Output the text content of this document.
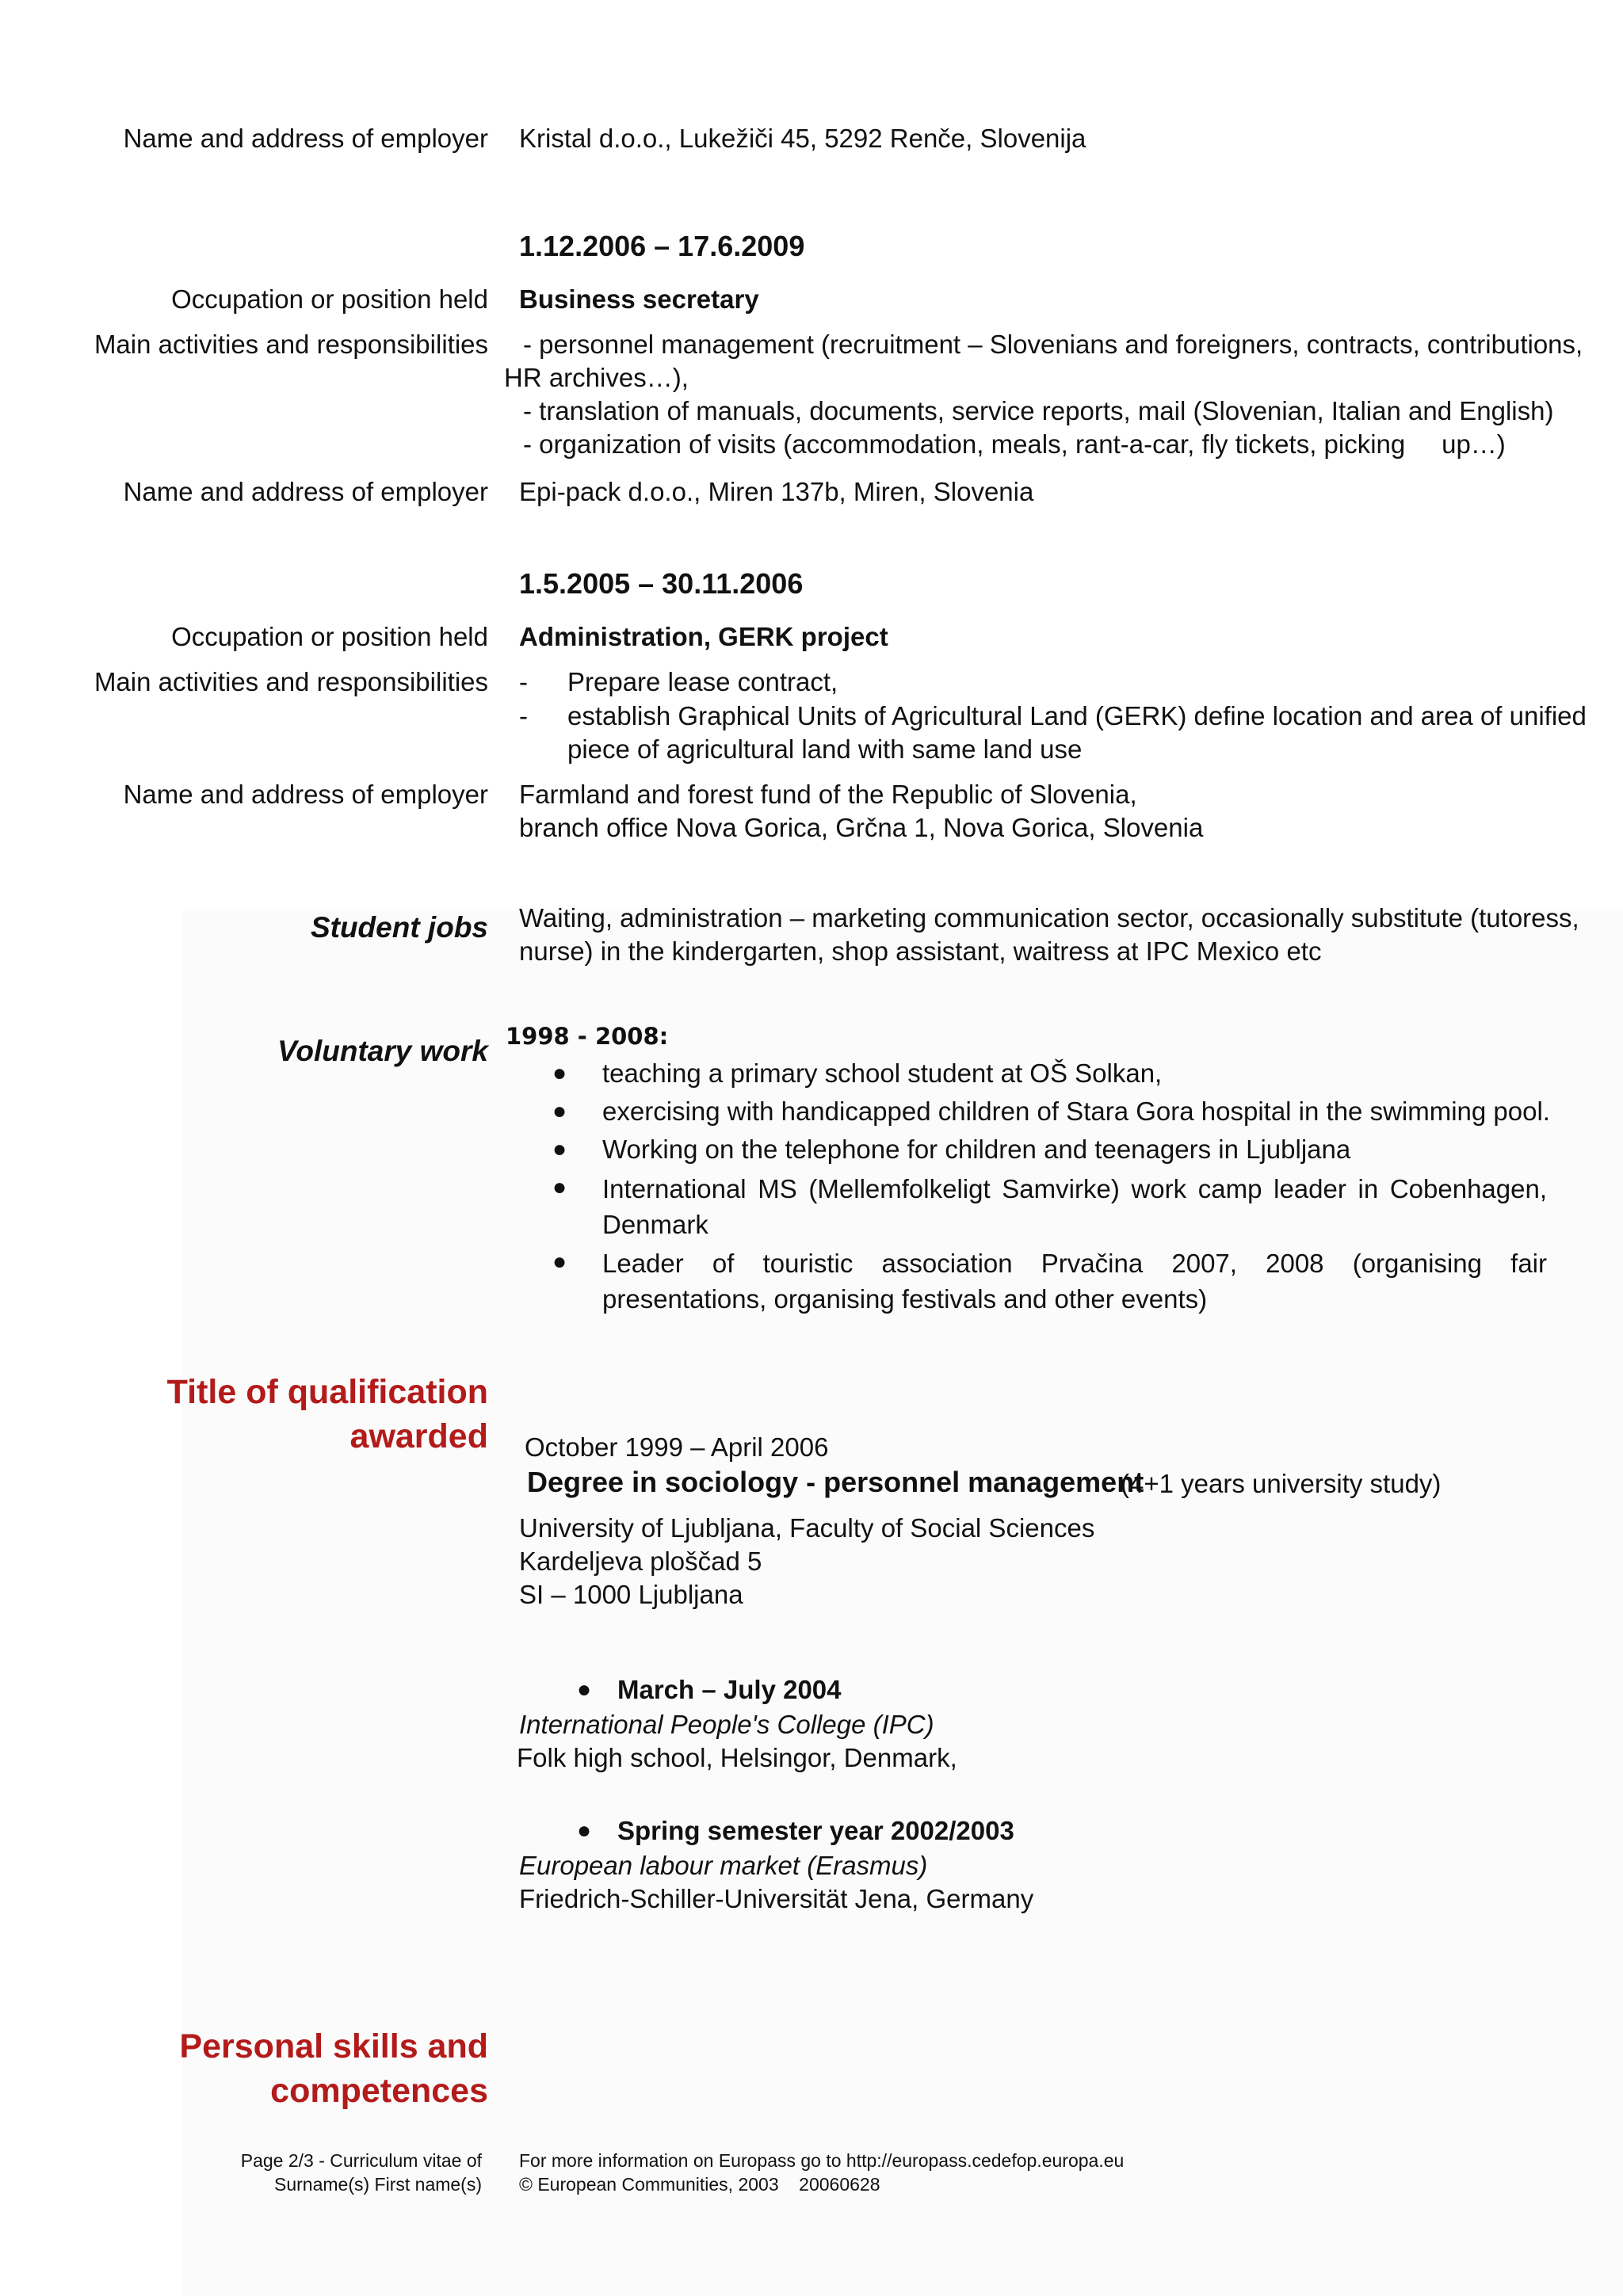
Name and address of employer Kristal d.o.o., Lukežiči 45, 5292 Renče, Slovenija
1.12.2006 – 17.6.2009
Occupation or position held Business secretary
Main activities and responsibilities - personnel management (recruitment – Slovenians and foreigners, contracts, contributions,
HR archives…),
- translation of manuals, documents, service reports, mail (Slovenian, Italian and English)
- organization of visits (accommodation, meals, rant-a-car, fly tickets, picking     up…)
Name and address of employer Epi-pack d.o.o., Miren 137b, Miren, Slovenia
1.5.2005 – 30.11.2006
Occupation or position held Administration, GERK project
Main activities and responsibilities - Prepare lease contract,
- establish Graphical Units of Agricultural Land (GERK) define location and area of unified
piece of agricultural land with same land use
Name and address of employer Farmland and forest fund of the Republic of Slovenia,
branch office Nova Gorica, Grčna 1, Nova Gorica, Slovenia
Student jobs Waiting, administration – marketing communication sector, occasionally substitute (tutoress,
nurse) in the kindergarten, shop assistant, waitress at IPC Mexico etc
Voluntary work 1998 - 2008:
● teaching a primary school student at OŠ Solkan,
● exercising with handicapped children of Stara Gora hospital in the swimming pool.
● Working on the telephone for children and teenagers in Ljubljana
● International MS (Mellemfolkeligt Samvirke) work camp leader in Cobenhagen, Denmark
● Leader of touristic association Prvačina 2007, 2008 (organising fair presentations, organising festivals and other events)
Title of qualification
awarded October 1999 – April 2006
Degree in sociology - personnel management
(4+1 years university study)
University of Ljubljana, Faculty of Social Sciences
Kardeljeva ploščad 5
SI – 1000 Ljubljana
● March – July 2004
International People's College (IPC)
Folk high school, Helsingor, Denmark,
● Spring semester year 2002/2003
European labour market (Erasmus)
Friedrich-Schiller-Universität Jena, Germany
Personal skills and
competences
Page 2/3 - Curriculum vitae of
Surname(s) First name(s)
For more information on Europass go to http://europass.cedefop.europa.eu
© European Communities, 2003    20060628
